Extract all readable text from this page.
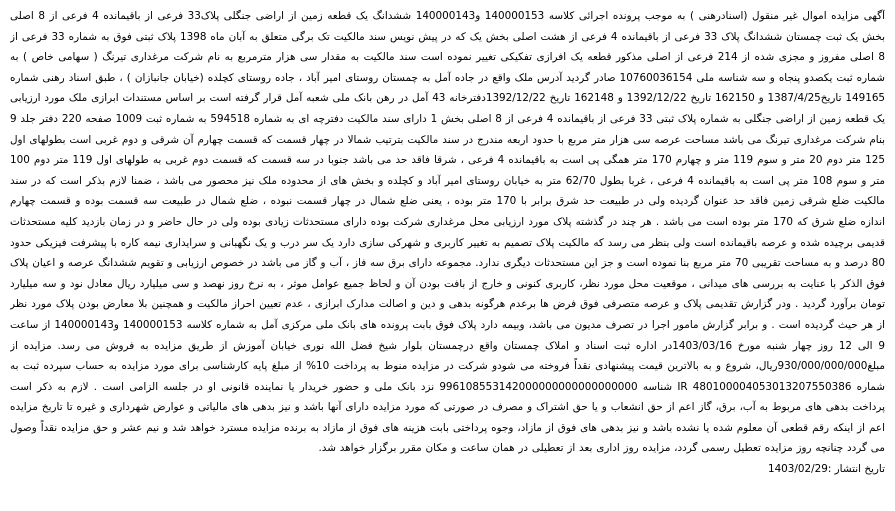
آگهی مزایده اموال غیر منقول (اسنادرهنی ) به موجب پرونده اجرائی کلاسه 140000153 و140000143 ششدانگ یک قطعه زمین از اراضی جنگلی پلاک33 فرعی از باقیمانده 4 فرعی از 8 اصلی بخش یک ثبت چمستان ششدانگ پلاک 33 فرعی از باقیمانده 4 فرعی از هشت اصلی بخش یک که در پیش نویس سند مالکیت تک برگی متعلق به آبان ماه 1398 پلاک ثبتی فوق به شماره 33 فرعی از 8 اصلی مفروز و مجزی شده از 214 فرعی از اصلی مذکور قطعه یک افرازی تفکیکی تغییر نموده است سند مالکیت به مقدار سی هزار مترمربع به نام شرکت مرغداری تیرنگ ( سهامی خاص ) به شماره ثبت یکصدو پنجاه و سه شناسه ملی 10760036154 صادر گردید آدرس ملک واقع در جاده آمل به چمستان روستای امیر آباد ، جاده روستای کچلده (خیابان جانبازان ) ، طبق اسناد رهنی شماره 149165 تاریخ1387/4/25 و 162150 تاریخ 1392/12/22 و 162148 تاریخ 1392/12/22دفترخانه 43 آمل در رهن بانک ملی شعبه آمل قرار گرفته است بر اساس مستندات ابرازی ملک مورد ارزیابی یک قطعه زمین از اراضی جنگلی به شماره پلاک ثبتی 33 فرعی از باقیمانده 4 فرعی از 8 اصلی بخش 1 دارای سند مالکیت دفترچه ای به شماره 594518 به شماره ثبت 1009 صفحه 220 دفتر جلد 9 بنام شرکت مرغداری تیرنگ می باشد مساحت عرصه سی هزار متر مربع با حدود اربعه مندرج در سند مالکیت بترتیب شمالا در چهار قسمت که قسمت چهارم آن شرقی و دوم غربی است بطولهای اول 125 متر دوم 20 متر و سوم 119 متر و چهارم 170 متر همگی پی است به باقیمانده 4 فرعی ، شرقا فاقد حد می باشد جنوبا در سه قسمت که قسمت دوم غربی به طولهای اول 119 متر دوم 100 متر و سوم 108 متر پی است به باقیمانده 4 فرعی ، غربا بطول 62/70 متر به خیابان روستای امیر آباد و کچلده و بخش های از محدوده ملک نیز محصور می باشد ، ضمنا لازم بذکر است که در سند مالکیت ضلع شرقی زمین فاقد حد عنوان گردیده ولی در طبیعت حد شرق برابر با 170 متر بوده ، یعنی ضلع شمال در چهار قسمت نبوده ، ضلع شمال در طبیعت سه قسمت بوده و قسمت چهارم اندازه ضلع شرق که 170 متر بوده است می باشد . هر چند در گذشته پلاک مورد ارزیابی محل مرغداری شرکت بوده دارای مستحدثات زیادی بوده ولی در حال حاضر و در زمان بازدید کلیه مستحدثات قدیمی برچیده شده و عرصه باقیمانده است ولی بنظر می رسد که مالکیت پلاک تصمیم به تغییر کاربری و شهرکی سازی دارد یک سر درب و یک نگهبانی و سرایداری نیمه کاره با پیشرفت فیزیکی حدود 80 درصد و به مساحت تقریبی 70 متر مربع بنا نموده است و جز این مستحدثات دیگری ندارد. مجموعه دارای برق سه فاز ، آب و گاز می باشد در خصوص ارزیابی و تقویم ششدانگ عرصه و اعیان پلاک فوق الذکر با عنایت به بررسی های میدانی ، موقعیت محل مورد نظر، کاربری کنونی و خارج از بافت بودن آن و لحاظ جمیع عوامل موثر ، به نرخ روز نهصد و سی میلیارد ریال معادل نود و سه میلیارد تومان برآورد گردید . ودر گزارش تقدیمی پلاک و عرصه متصرفی فوق فرض ها برعدم هرگونه بدهی و دین و اصالت مدارک ابرازی ، عدم تعیین احراز مالکیت و همچنین بلا معارض بودن پلاک مورد نظر از هر حیث گردیده است . و برابر گزارش مامور اجرا در تصرف مدیون می باشد، وبیمه دارد پلاک فوق بابت پرونده های بانک ملی مرکزی آمل به شماره کلاسه 140000153 و140000143 از ساعت 9 الی 12 روز چهار شنبه مورخ 1403/03/16در اداره ثبت اسناد و املاک چمستان واقع درچمستان بلوار شیخ فضل الله نوری خیابان آموزش از طریق مزایده به فروش می رسد. مزایده از مبلغ930/000/000/000ریال، شروع و به بالاترین قیمت پیشنهادی نقداً فروخته می شودو شرکت در مزایده منوط به پرداخت 10% از مبلغ پایه کارشناسی برای مورد مزایده به حساب سپرده ثبت به شماره IR 480100004053013207550386 شناسه 996108553142000000000000000000 نزد بانک ملی و حضور خریدار یا نماینده قانونی او در جلسه الزامی است . لازم به ذکر است پرداخت بدهی های مربوط به آب، برق، گاز اعم از حق انشعاب و یا حق اشتراک و مصرف در صورتی که مورد مزایده دارای آنها باشد و نیز بدهی های مالیاتی و عوارض شهرداری و غیره تا تاریخ مزایده اعم از اینکه رقم قطعی آن معلوم شده یا نشده باشد و نیز بدهی های فوق از مازاد، وجوه پرداختی بابت هزینه های فوق از مازاد به برنده مزایده مسترد خواهد شد و نیم عشر و حق مزایده نقداً وصول می گردد چنانچه روز مزایده تعطیل رسمی گردد، مزایده روز اداری بعد از تعطیلی در همان ساعت و مکان مقرر برگزار خواهد شد.

تاریخ انتشار :1403/02/29
